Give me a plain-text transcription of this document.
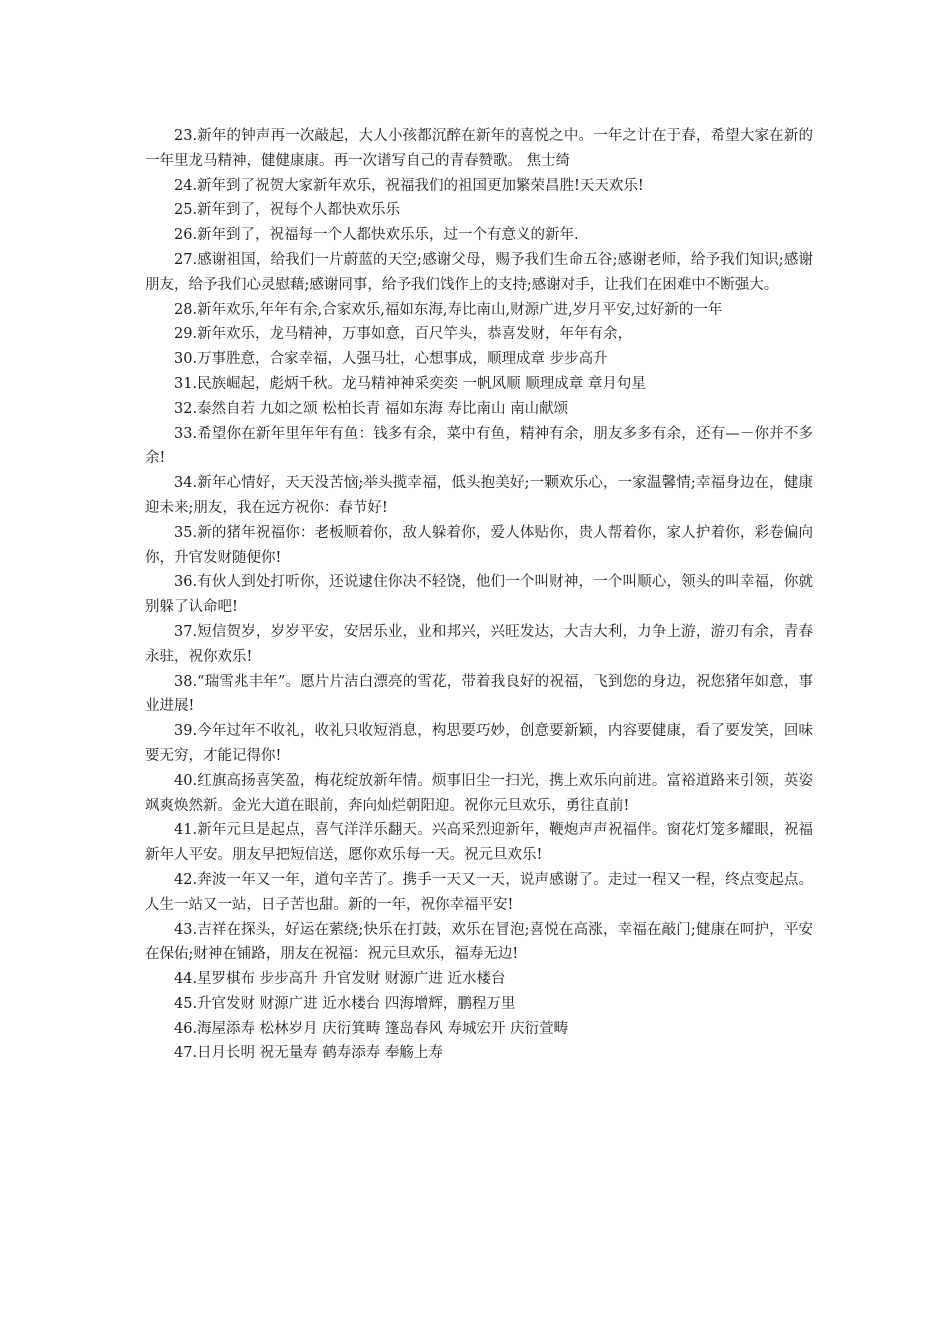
23.新年的钟声再一次敲起，大人小孩都沉醉在新年的喜悦之中。一年之计在于春，希望大家在新的一年里龙马精神，健健康康。再一次谱写自己的青春赞歌。 焦士绮

24.新年到了祝贺大家新年欢乐，祝福我们的祖国更加繁荣昌胜!天天欢乐!

25.新年到了，祝每个人都快欢乐乐

26.新年到了，祝福每一个人都快欢乐乐，过一个有意义的新年.

27.感谢祖国，给我们一片蔚蓝的天空;感谢父母，赐予我们生命五谷;感谢老师，给予我们知识;感谢朋友，给予我们心灵慰藉;感谢同事，给予我们饯作上的支持;感谢对手，让我们在困难中不断强大。

28.新年欢乐,年年有余,合家欢乐,福如东海,寿比南山,财源广进,岁月平安,过好新的一年

29.新年欢乐，龙马精神，万事如意，百尺竿头，恭喜发财，年年有余，

30.万事胜意，合家幸福，人强马壮，心想事成，顺理成章 步步高升

31.民族崛起，彪炳千秋。龙马精神神采奕奕 一帆风顺 顺理成章 章月句星

32.泰然自若 九如之颂 松柏长青 福如东海 寿比南山 南山献颂

33.希望你在新年里年年有鱼：钱多有余，菜中有鱼，精神有余，朋友多多有余，还有—－你并不多余!

34.新年心情好，天天没苦恼;举头揽幸福，低头抱美好;一颗欢乐心，一家温馨情;幸福身边在，健康迎未来;朋友，我在远方祝你：春节好!

35.新的猪年祝福你：老板顺着你，敌人躲着你，爱人体贴你，贵人帮着你，家人护着你，彩卷偏向你，升官发财随便你!

36.有伙人到处打听你，还说逮住你决不轻饶，他们一个叫财神，一个叫顺心，领头的叫幸福，你就别躲了认命吧!

37.短信贺岁，岁岁平安，安居乐业，业和邦兴，兴旺发达，大吉大利，力争上游，游刃有余，青春永驻，祝你欢乐!

38.“瑞雪兆丰年”。愿片片洁白漂亮的雪花，带着我良好的祝福，飞到您的身边，祝您猪年如意，事业进展!

39.今年过年不收礼，收礼只收短消息，构思要巧妙，创意要新颖，内容要健康，看了要发笑，回味要无穷，才能记得你!

40.红旗高扬喜笑盈，梅花绽放新年情。烦事旧尘一扫光，携上欢乐向前进。富裕道路来引领，英姿飒爽焕然新。金光大道在眼前，奔向灿烂朝阳迎。祝你元旦欢乐，勇往直前!

41.新年元旦是起点，喜气洋洋乐翻天。兴高采烈迎新年，鞭炮声声祝福伴。窗花灯笼多耀眼，祝福新年人平安。朋友早把短信送，愿你欢乐每一天。祝元旦欢乐!

42.奔波一年又一年，道句辛苦了。携手一天又一天，说声感谢了。走过一程又一程，终点变起点。人生一站又一站，日子苦也甜。新的一年，祝你幸福平安!

43.吉祥在探头，好运在萦绕;快乐在打鼓，欢乐在冒泡;喜悦在高涨，幸福在敲门;健康在呵护，平安在保佑;财神在铺路，朋友在祝福：祝元旦欢乐，福寿无边!

44.星罗棋布 步步高升 升官发财 财源广进 近水楼台

45.升官发财 财源广进 近水楼台 四海增辉，鹏程万里

46.海屋添寿 松林岁月 庆衍箕畴 篷岛春风 寿城宏开 庆衍萱畴

47.日月长明 祝无量寿 鹤寿添寿 奉觞上寿
